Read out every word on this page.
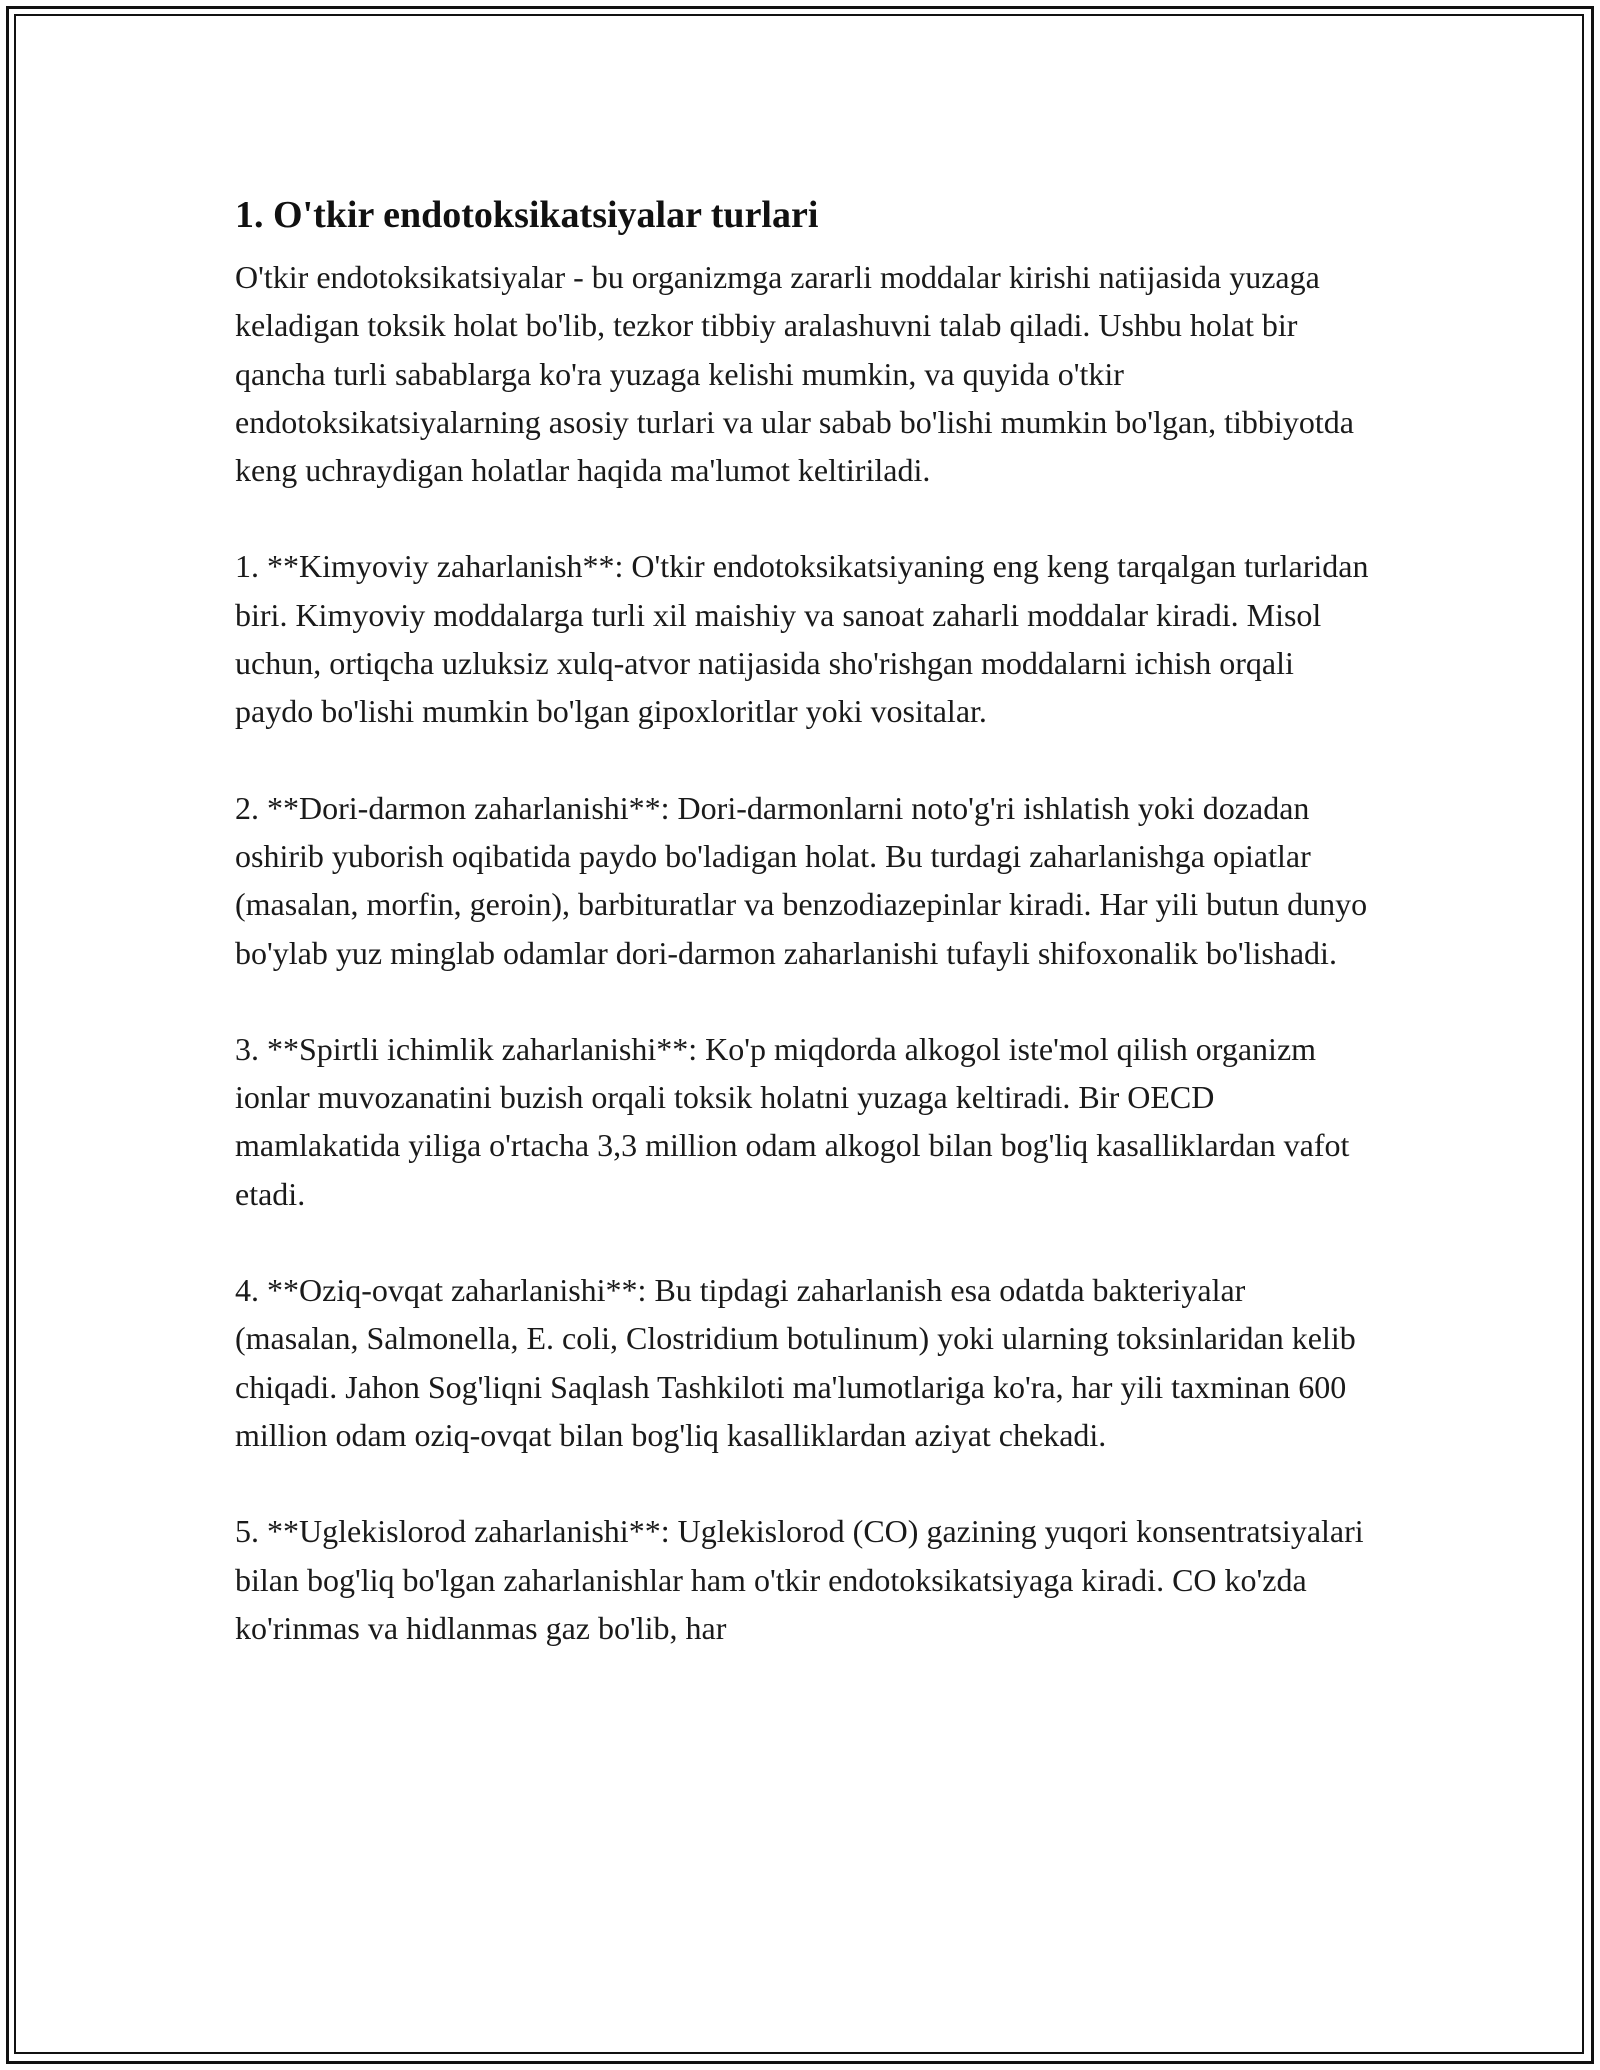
1. O'tkir endotoksikatsiyalar turlari

O'tkir endotoksikatsiyalar - bu organizmga zararli moddalar kirishi natijasida yuzaga keladigan toksik holat bo'lib, tezkor tibbiy aralashuvni talab qiladi. Ushbu holat bir qancha turli sabablarga ko'ra yuzaga kelishi mumkin, va quyida o'tkir endotoksikatsiyalarning asosiy turlari va ular sabab bo'lishi mumkin bo'lgan, tibbiyotda keng uchraydigan holatlar haqida ma'lumot keltiriladi.

1. **Kimyoviy zaharlanish**: O'tkir endotoksikatsiyaning eng keng tarqalgan turlaridan biri. Kimyoviy moddalarga turli xil maishiy va sanoat zaharli moddalar kiradi. Misol uchun, ortiqcha uzluksiz xulq-atvor natijasida sho'rishgan moddalarni ichish orqali paydo bo'lishi mumkin bo'lgan gipoxloritlar yoki vositalar.

2. **Dori-darmon zaharlanishi**: Dori-darmonlarni noto'g'ri ishlatish yoki dozadan oshirib yuborish oqibatida paydo bo'ladigan holat. Bu turdagi zaharlanishga opiatlar (masalan, morfin, geroin), barbituratlar va benzodiazepinlar kiradi. Har yili butun dunyo bo'ylab yuz minglab odamlar dori-darmon zaharlanishi tufayli shifoxonalik bo'lishadi.

3. **Spirtli ichimlik zaharlanishi**: Ko'p miqdorda alkogol iste'mol qilish organizm ionlar muvozanatini buzish orqali toksik holatni yuzaga keltiradi. Bir OECD mamlakatida yiliga o'rtacha 3,3 million odam alkogol bilan bog'liq kasalliklardan vafot etadi.

4. **Oziq-ovqat zaharlanishi**: Bu tipdagi zaharlanish esa odatda bakteriyalar (masalan, Salmonella, E. coli, Clostridium botulinum) yoki ularning toksinlaridan kelib chiqadi. Jahon Sog'liqni Saqlash Tashkiloti ma'lumotlariga ko'ra, har yili taxminan 600 million odam oziq-ovqat bilan bog'liq kasalliklardan aziyat chekadi.

5. **Uglekislorod zaharlanishi**: Uglekislorod (CO) gazining yuqori konsentratsiyalari bilan bog'liq bo'lgan zaharlanishlar ham o'tkir endotoksikatsiyaga kiradi. CO ko'zda ko'rinmas va hidlanmas gaz bo'lib, har
